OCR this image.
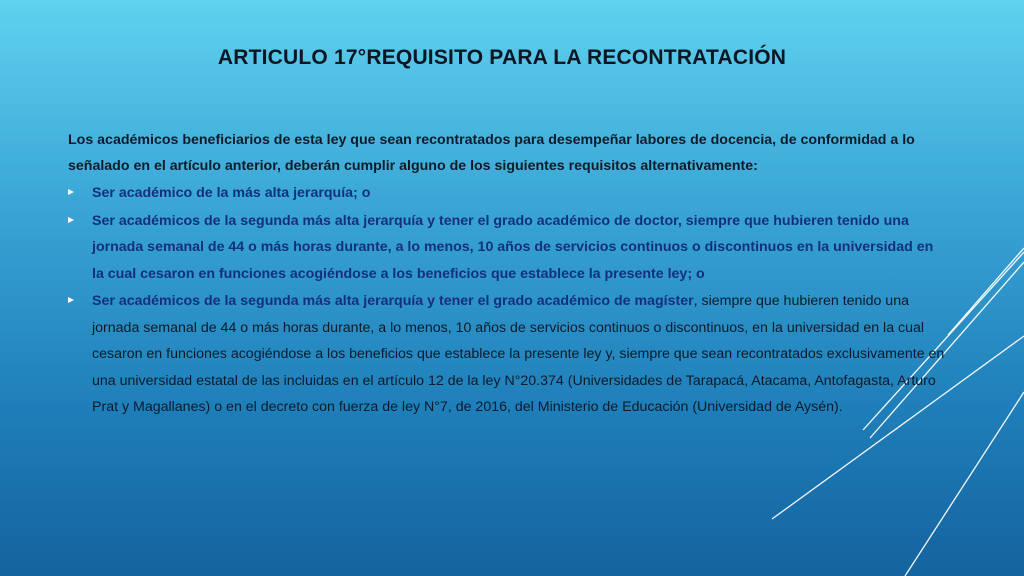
ARTICULO 17°REQUISITO PARA LA RECONTRATACIÓN

Los académicos beneficiarios de esta ley que sean recontratados para desempeñar labores de docencia, de conformidad a lo señalado en el artículo anterior, deberán cumplir alguno de los siguientes requisitos alternativamente:

Ser académico de la más alta jerarquía; o
Ser académicos de la segunda más alta jerarquía y tener el grado académico de doctor, siempre que hubieren tenido una jornada semanal de 44 o más horas durante, a lo menos, 10 años de servicios continuos o discontinuos en la universidad en la cual cesaron en funciones acogiéndose a los beneficios que establece la presente ley; o
Ser académicos de la segunda más alta jerarquía y tener el grado académico de magíster, siempre que hubieren tenido una jornada semanal de 44 o más horas durante, a lo menos, 10 años de servicios continuos o discontinuos, en la universidad en la cual cesaron en funciones acogiéndose a los beneficios que establece la presente ley y, siempre que sean recontratados exclusivamente en una universidad estatal de las incluidas en el artículo 12 de la ley N°20.374 (Universidades de Tarapacá, Atacama, Antofagasta, Arturo Prat y Magallanes) o en el decreto con fuerza de ley N°7, de 2016, del Ministerio de Educación (Universidad de Aysén).
